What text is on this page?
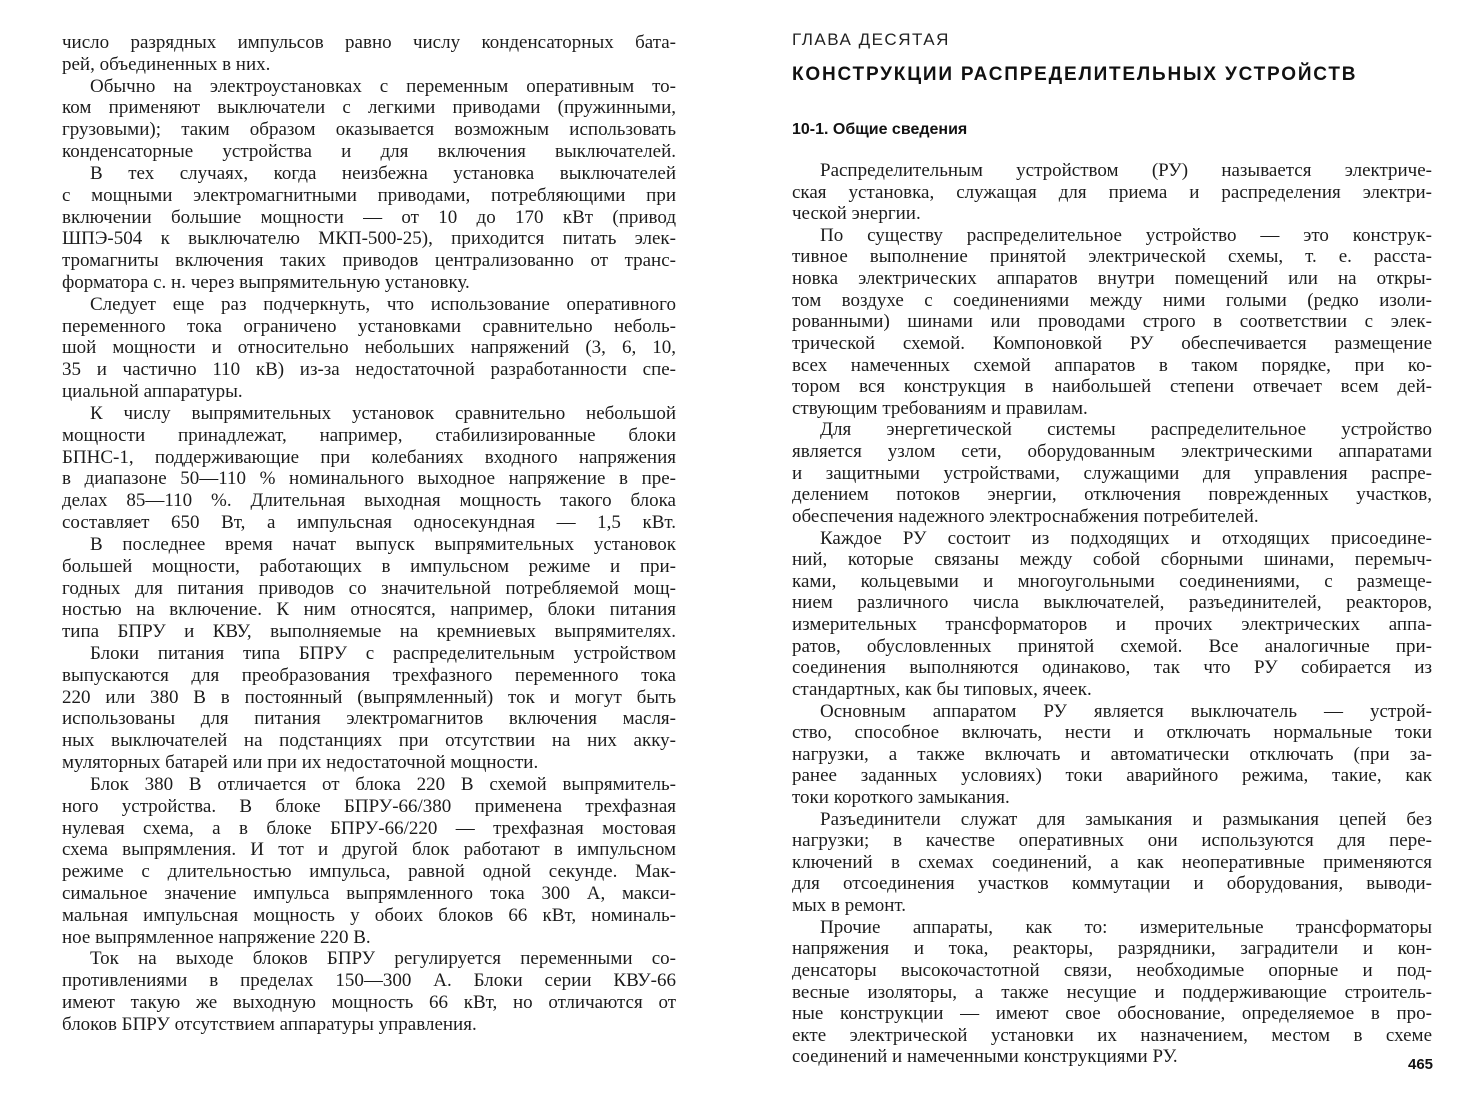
число разрядных импульсов равно числу конденсаторных бата-
рей, объединенных в них.
Обычно на электроустановках с переменным оперативным то-
ком применяют выключатели с легкими приводами (пружинными,
грузовыми); таким образом оказывается возможным использовать
конденсаторные устройства и для включения выключателей.
В тех случаях, когда неизбежна установка выключателей
с мощными электромагнитными приводами, потребляющими при
включении большие мощности — от 10 до 170 кВт (привод
ШПЭ-504 к выключателю МКП-500-25), приходится питать элек-
тромагниты включения таких приводов централизованно от транс-
форматора с. н. через выпрямительную установку.
Следует еще раз подчеркнуть, что использование оперативного
переменного тока ограничено установками сравнительно неболь-
шой мощности и относительно небольших напряжений (3, 6, 10,
35 и частично 110 кВ) из-за недостаточной разработанности спе-
циальной аппаратуры.
К числу выпрямительных установок сравнительно небольшой
мощности принадлежат, например, стабилизированные блоки
БПНС-1, поддерживающие при колебаниях входного напряжения
в диапазоне 50—110 % номинального выходное напряжение в пре-
делах 85—110 %. Длительная выходная мощность такого блока
составляет 650 Вт, а импульсная односекундная — 1,5 кВт.
В последнее время начат выпуск выпрямительных установок
большей мощности, работающих в импульсном режиме и при-
годных для питания приводов со значительной потребляемой мощ-
ностью на включение. К ним относятся, например, блоки питания
типа БПРУ и КВУ, выполняемые на кремниевых выпрямителях.
Блоки питания типа БПРУ с распределительным устройством
выпускаются для преобразования трехфазного переменного тока
220 или 380 В в постоянный (выпрямленный) ток и могут быть
использованы для питания электромагнитов включения масля-
ных выключателей на подстанциях при отсутствии на них акку-
муляторных батарей или при их недостаточной мощности.
Блок 380 В отличается от блока 220 В схемой выпрямитель-
ного устройства. В блоке БПРУ-66/380 применена трехфазная
нулевая схема, а в блоке БПРУ-66/220 — трехфазная мостовая
схема выпрямления. И тот и другой блок работают в импульсном
режиме с длительностью импульса, равной одной секунде. Мак-
симальное значение импульса выпрямленного тока 300 А, макси-
мальная импульсная мощность у обоих блоков 66 кВт, номиналь-
ное выпрямленное напряжение 220 В.
Ток на выходе блоков БПРУ регулируется переменными со-
противлениями в пределах 150—300 А. Блоки серии КВУ-66
имеют такую же выходную мощность 66 кВт, но отличаются от
блоков БПРУ отсутствием аппаратуры управления.
ГЛАВА ДЕСЯТАЯ
КОНСТРУКЦИИ РАСПРЕДЕЛИТЕЛЬНЫХ УСТРОЙСТВ
10-1. Общие сведения
Распределительным устройством (РУ) называется электриче-
ская установка, служащая для приема и распределения электри-
ческой энергии.
По существу распределительное устройство — это конструк-
тивное выполнение принятой электрической схемы, т. е. расста-
новка электрических аппаратов внутри помещений или на откры-
том воздухе с соединениями между ними голыми (редко изоли-
рованными) шинами или проводами строго в соответствии с элек-
трической схемой. Компоновкой РУ обеспечивается размещение
всех намеченных схемой аппаратов в таком порядке, при ко-
тором вся конструкция в наибольшей степени отвечает всем дей-
ствующим требованиям и правилам.
Для энергетической системы распределительное устройство
является узлом сети, оборудованным электрическими аппаратами
и защитными устройствами, служащими для управления распре-
делением потоков энергии, отключения поврежденных участков,
обеспечения надежного электроснабжения потребителей.
Каждое РУ состоит из подходящих и отходящих присоедине-
ний, которые связаны между собой сборными шинами, перемыч-
ками, кольцевыми и многоугольными соединениями, с размеще-
нием различного числа выключателей, разъединителей, реакторов,
измерительных трансформаторов и прочих электрических аппа-
ратов, обусловленных принятой схемой. Все аналогичные при-
соединения выполняются одинаково, так что РУ собирается из
стандартных, как бы типовых, ячеек.
Основным аппаратом РУ является выключатель — устрой-
ство, способное включать, нести и отключать нормальные токи
нагрузки, а также включать и автоматически отключать (при за-
ранее заданных условиях) токи аварийного режима, такие, как
токи короткого замыкания.
Разъединители служат для замыкания и размыкания цепей без
нагрузки; в качестве оперативных они используются для пере-
ключений в схемах соединений, а как неоперативные применяются
для отсоединения участков коммутации и оборудования, выводи-
мых в ремонт.
Прочие аппараты, как то: измерительные трансформаторы
напряжения и тока, реакторы, разрядники, заградители и кон-
денсаторы высокочастотной связи, необходимые опорные и под-
весные изоляторы, а также несущие и поддерживающие строитель-
ные конструкции — имеют свое обоснование, определяемое в про-
екте электрической установки их назначением, местом в схеме
соединений и намеченными конструкциями РУ.	465
